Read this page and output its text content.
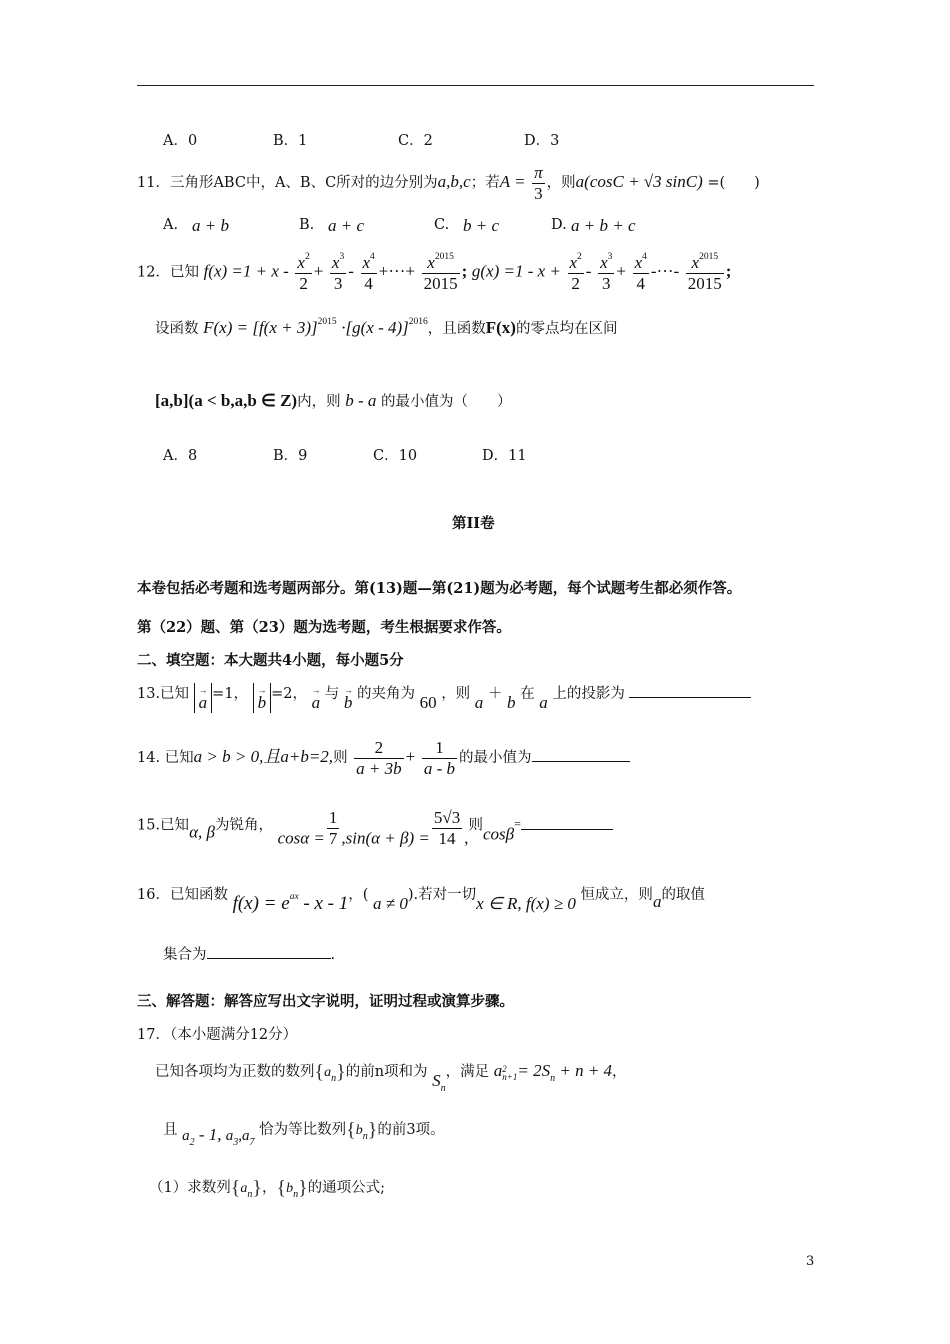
A．0	B．1	C．2	D．3
11．三角形ABC中，A、B、C所对的边分别为a,b,c；若$A = \frac{\pi}{3}$ ，则a(cosC + √3 sinC) =(　　)
A. a + b	B. a + c	C. b + c	D. a + b + c
12．已知 $f(x) =1 + x - \frac{x^2}{2} + \frac{x^3}{3} - \frac{x^4}{4}$ +···+ $\frac{x^{2015}}{2015}$ ; $g(x) =1 - x + \frac{x^2}{2} - \frac{x^3}{3} + \frac{x^4}{4}$ -···- $\frac{x^{2015}}{2015}$ ;
设函数 $F(x) = [f(x + 3)]^{2015} \cdot[g(x - 4)]^{2016}$，且函数F(x)的零点均在区间
[a,b](a < b,a,b ∈ Z)内，则 b - a 的最小值为（　　）
A．8	B．9	C．10	D．11
第II卷
本卷包括必考题和选考题两部分。第(13)题—第(21)题为必考题，每个试题考生都必须作答。
第（22）题、第（23）题为选考题，考生根据要求作答。
二、填空题：本大题共4小题，每小题5分
13.已知 → a =1， → b =2， → a 与 → b 的夹角为 60 ，则 a ＋ b 在 a 上的投影为
14. 已知a > b > 0,且a+b=2,则 $\frac{2}{a + 3b} + \frac{1}{a - b}$ 的最小值为
15.已知α, β为锐角， $\cos\alpha = \frac{1}{7} ,\sin(\alpha + \beta) = \frac{5√3}{14}$ ,则cosβ=
16．已知函数 f(x) = eax - x - 1，( a ≠ 0).若对一切x ∈ R, f(x) ≥ 0 恒成立，则a的取值
集合为	.
三、解答题：解答应写出文字说明，证明过程或演算步骤。
17．（本小题满分12分）
已知各项均为正数的数列$\{a_n\}$的前n项和为 $S_n$，满足 a 2
$n+1 = 2S_n + n + 4$，
且 $a_2 - 1$, $a_3,a_7$ 恰为等比数列$\{b_n\}$的前3项。
（1）求数列$\{a_n\}$，$\{b_n\}$的通项公式;
3
